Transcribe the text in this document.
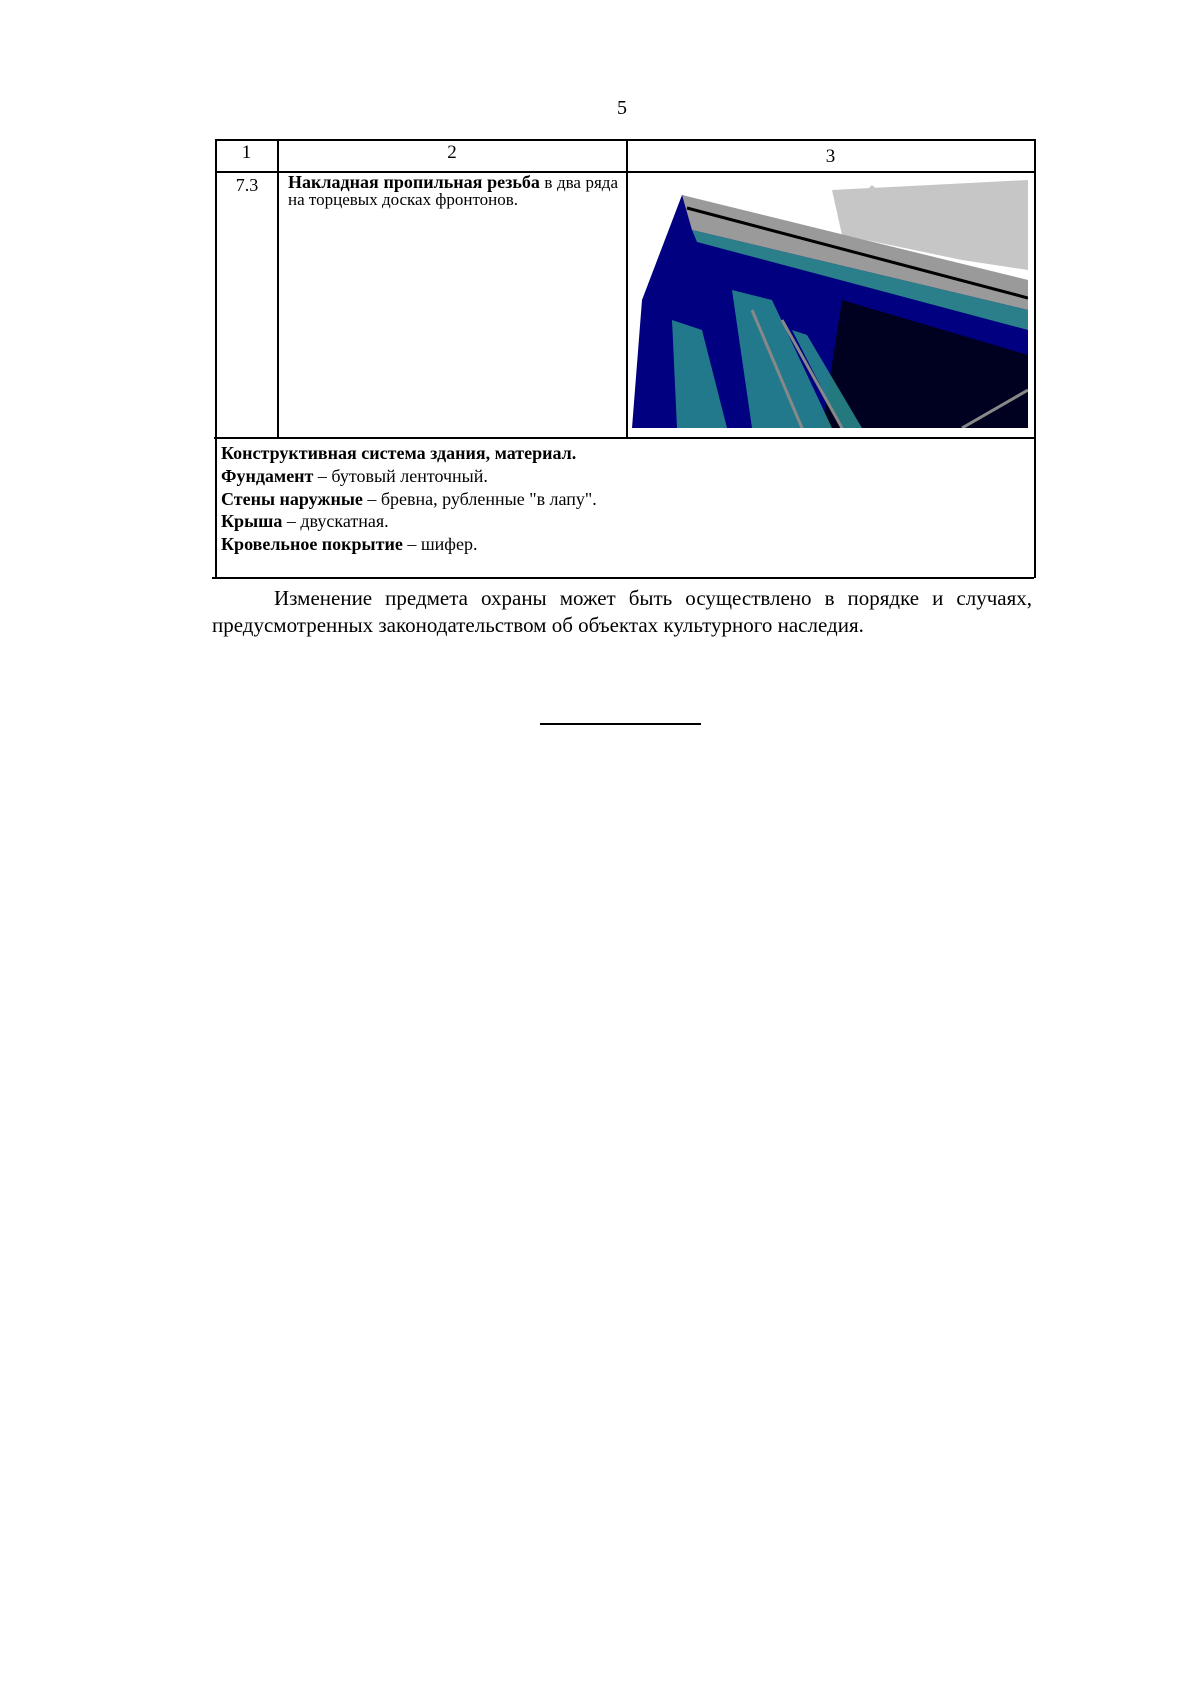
5
1	2	3
7.3	Накладная пропильная резьба в два ряда на торцевых досках фронтонов.
Конструктивная система здания, материал.
Фундамент – бутовый ленточный.
Стены наружные – бревна, рубленные "в лапу".
Крыша – двускатная.
Кровельное покрытие – шифер.
Изменение предмета охраны может быть осуществлено в порядке и случаях, предусмотренных законодательством об объектах культурного наследия.
